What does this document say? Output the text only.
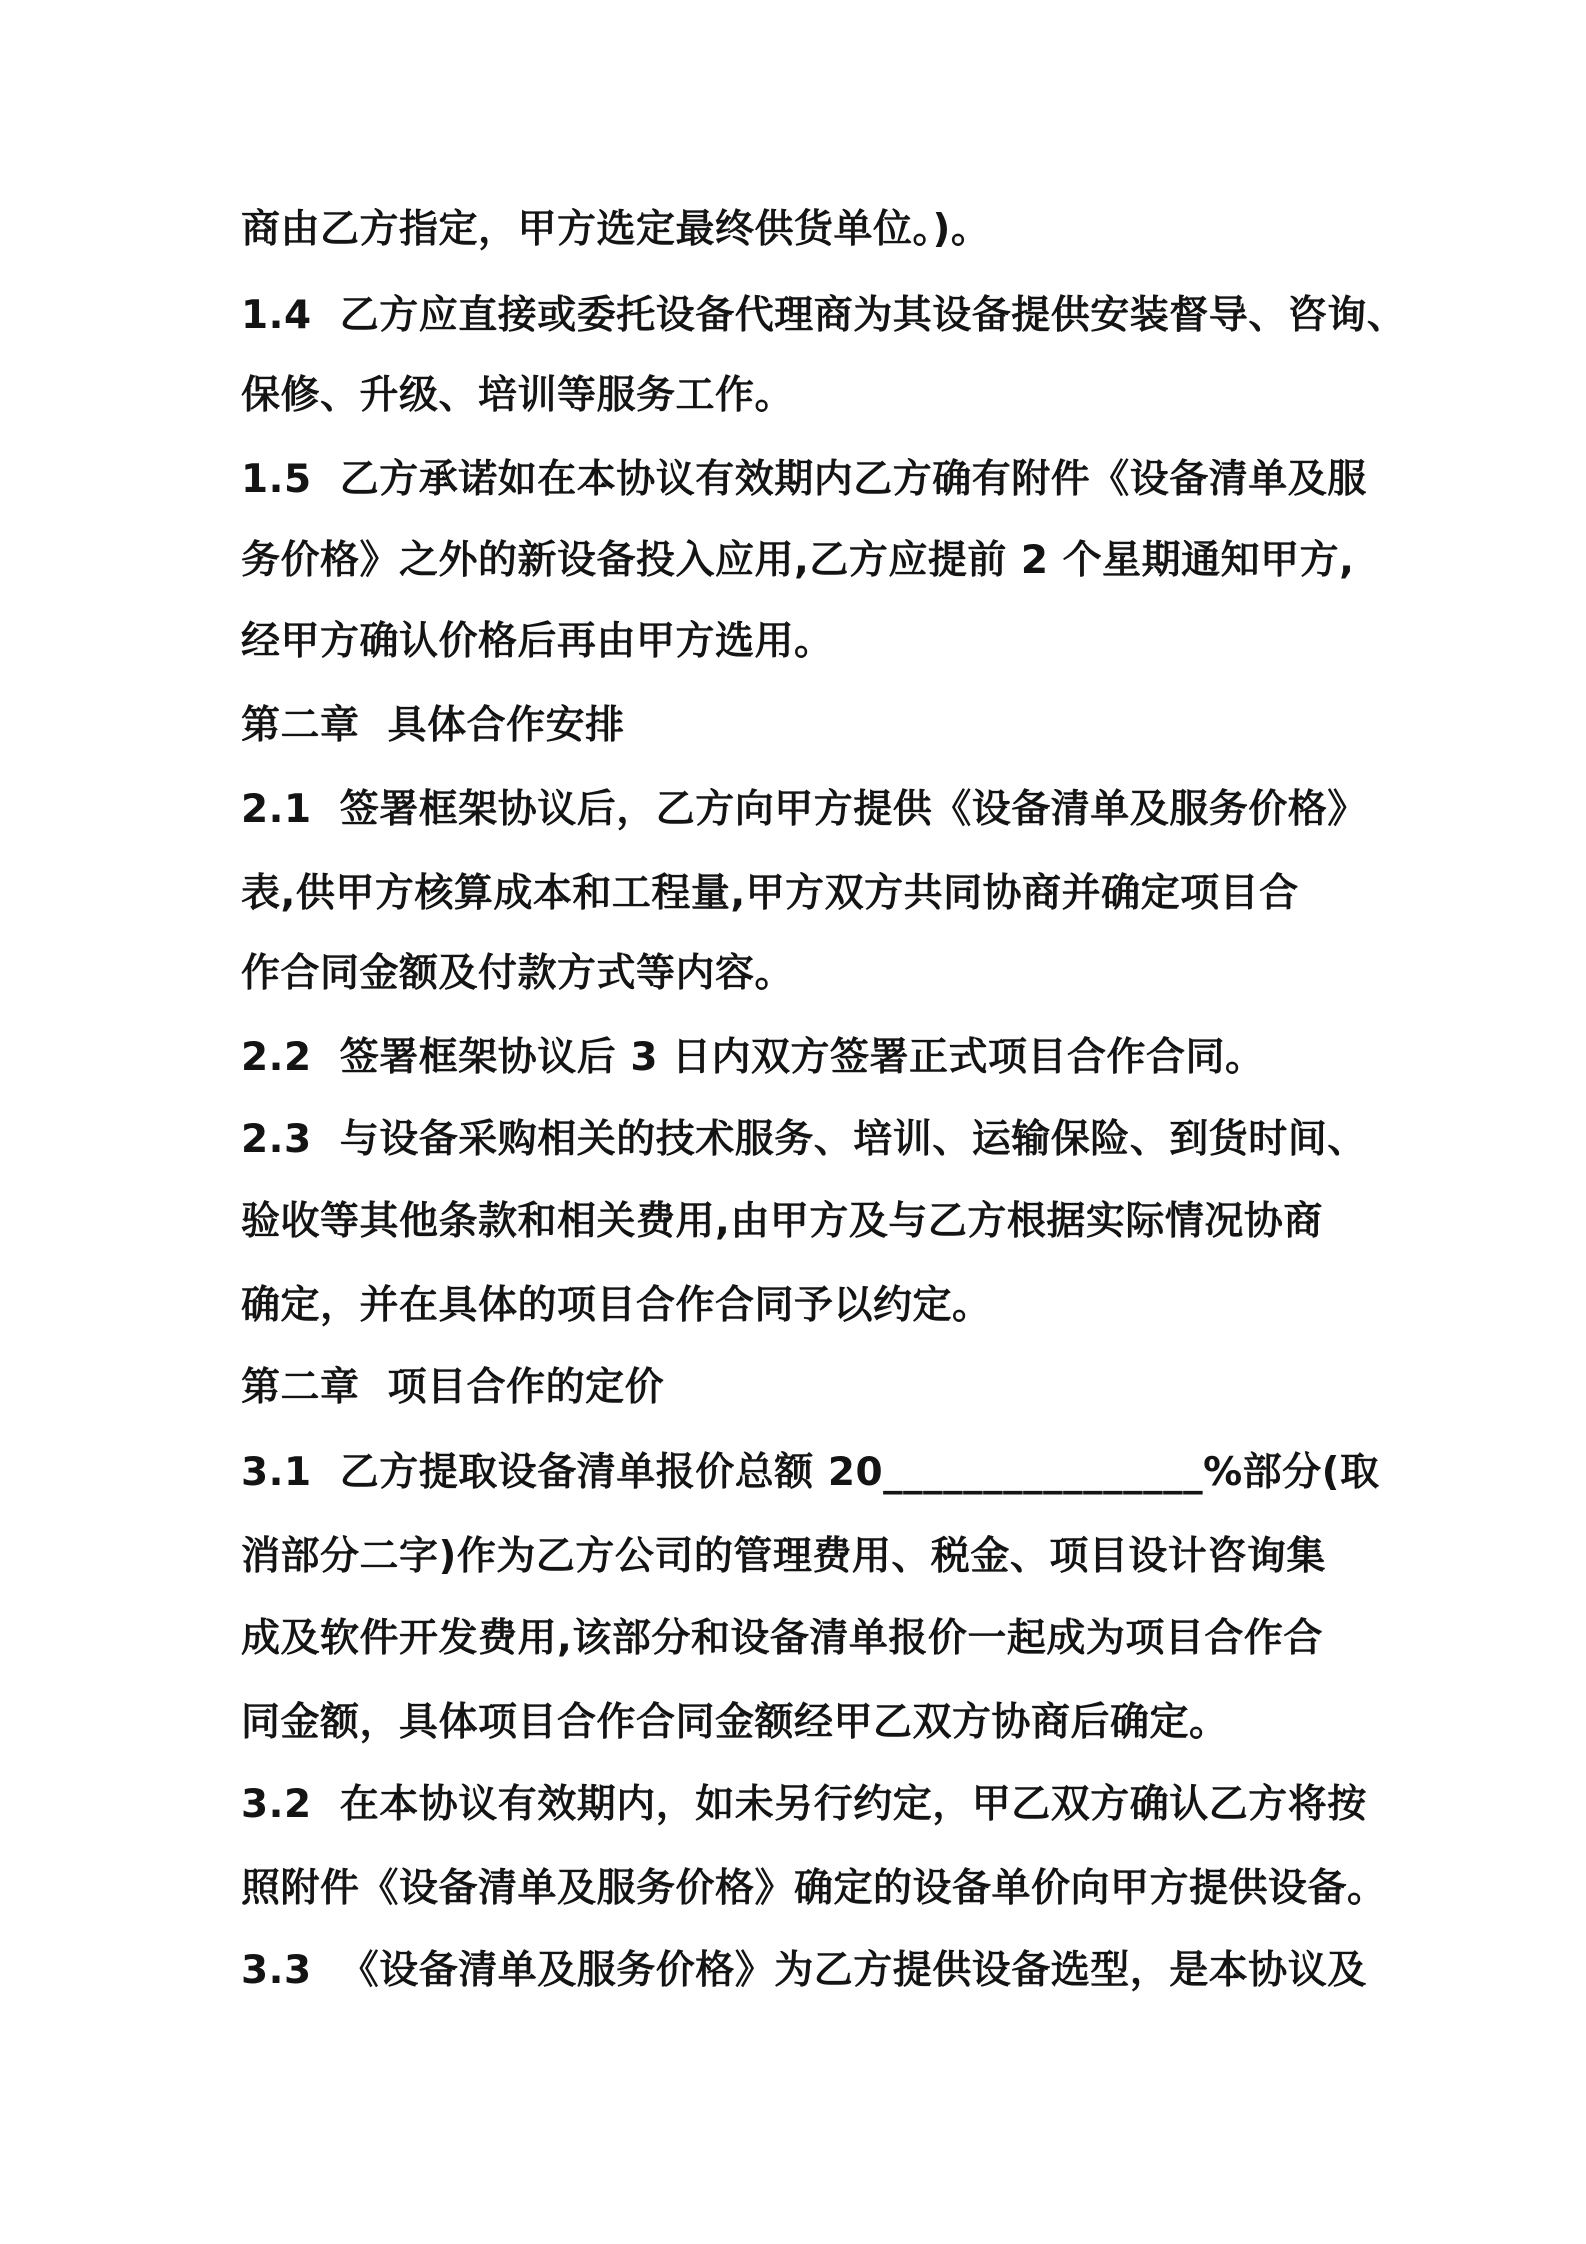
商由乙方指定，甲方选定最终供货单位。)。
1.4  乙方应直接或委托设备代理商为其设备提供安装督导、咨询、
保修、升级、培训等服务工作。
1.5  乙方承诺如在本协议有效期内乙方确有附件《设备清单及服
务价格》之外的新设备投入应用,乙方应提前 2 个星期通知甲方,
经甲方确认价格后再由甲方选用。
第二章  具体合作安排
2.1  签署框架协议后，乙方向甲方提供《设备清单及服务价格》
表,供甲方核算成本和工程量,甲方双方共同协商并确定项目合
作合同金额及付款方式等内容。
2.2  签署框架协议后 3 日内双方签署正式项目合作合同。
2.3  与设备采购相关的技术服务、培训、运输保险、到货时间、
验收等其他条款和相关费用,由甲方及与乙方根据实际情况协商
确定，并在具体的项目合作合同予以约定。
第二章  项目合作的定价
3.1  乙方提取设备清单报价总额 20________________%部分(取
消部分二字)作为乙方公司的管理费用、税金、项目设计咨询集
成及软件开发费用,该部分和设备清单报价一起成为项目合作合
同金额，具体项目合作合同金额经甲乙双方协商后确定。
3.2  在本协议有效期内，如未另行约定，甲乙双方确认乙方将按
照附件《设备清单及服务价格》确定的设备单价向甲方提供设备。
3.3  《设备清单及服务价格》为乙方提供设备选型，是本协议及
